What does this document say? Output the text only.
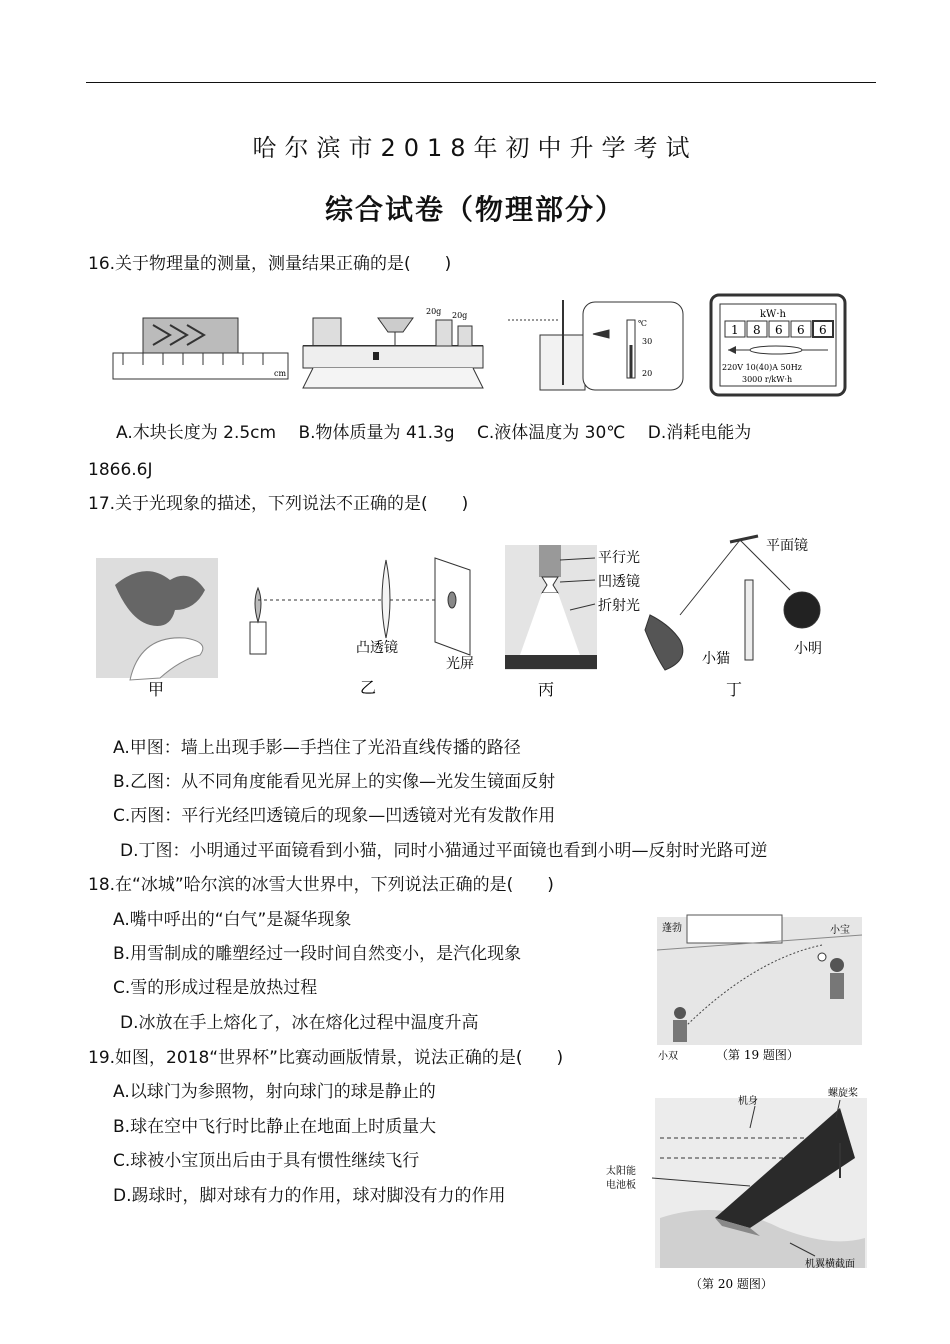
哈尔滨市2018年初中升学考试
综合试卷（物理部分）
16.关于物理量的测量，测量结果正确的是(　　)
cm
20g 20g
℃
30
20
kW·h
1 8 6 6 6
220V 10(40)A 50Hz
3000 r/kW·h
A.木块长度为 2.5cm　 B.物体质量为 41.3g　 C.液体温度为 30℃　 D.消耗电能为
1866.6J
17.关于光现象的描述，下列说法不正确的是(　　)
甲
凸透镜
光屏
乙
平行光
凹透镜
折射光
丙
平面镜
小猫
小明
丁
A.甲图：墙上出现手影—手挡住了光沿直线传播的路径
B.乙图：从不同角度能看见光屏上的实像—光发生镜面反射
C.丙图：平行光经凹透镜后的现象—凹透镜对光有发散作用
D.丁图：小明通过平面镜看到小猫，同时小猫通过平面镜也看到小明—反射时光路可逆
18.在“冰城”哈尔滨的冰雪大世界中，下列说法正确的是(　　)
A.嘴中呼出的“白气”是凝华现象
B.用雪制成的雕塑经过一段时间自然变小，是汽化现象
C.雪的形成过程是放热过程
D.冰放在手上熔化了，冰在熔化过程中温度升高
蓬勃	小宝
小双	（第 19 题图）
19.如图，2018“世界杯”比赛动画版情景，说法正确的是(　　)
A.以球门为参照物，射向球门的球是静止的
B.球在空中飞行时比静止在地面上时质量大
C.球被小宝顶出后由于具有惯性继续飞行
D.踢球时，脚对球有力的作用，球对脚没有力的作用
螺旋桨
机身
太阳能
电池板
机翼横截面
（第 20 题图）
